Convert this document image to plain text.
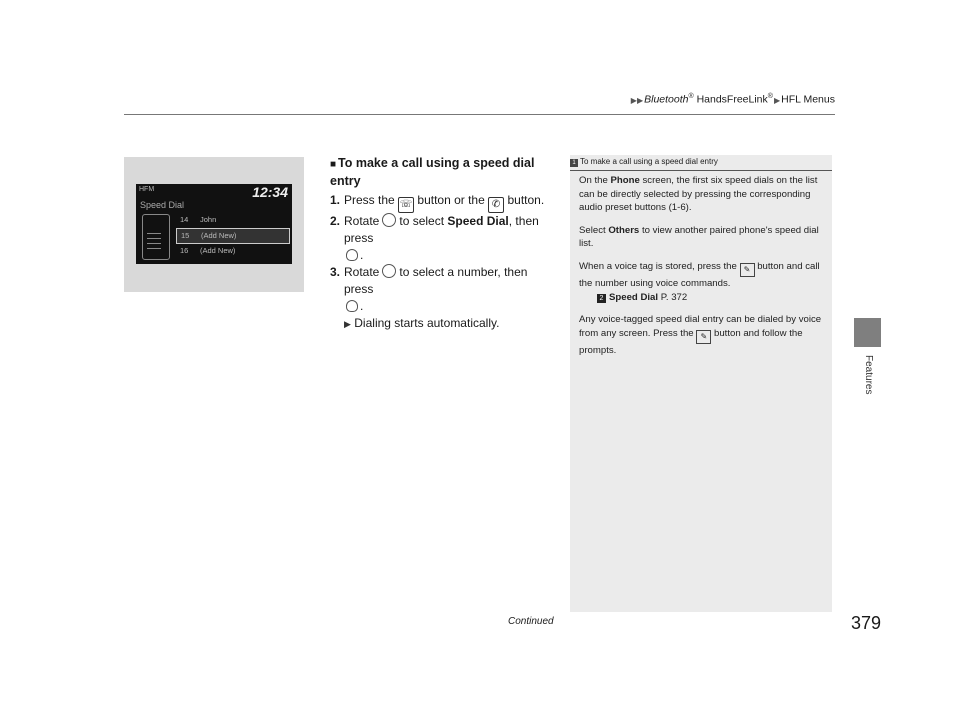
▶▶Bluetooth® HandsFreeLink®▶HFL Menus
Features
HFM	12:34
Speed Dial
14 John
15 (Add New)
16 (Add New)
■ To make a call using a speed dial entry
1. Press the ☏ button or the ✆ button.
2. Rotate to select Speed Dial, then press
.
3. Rotate to select a number, then press
.
▶ Dialing starts automatically.
1 To make a call using a speed dial entry

On the Phone screen, the first six speed dials on the list can be directly selected by pressing the corresponding audio preset buttons (1-6).

Select Others to view another paired phone's speed dial list.

When a voice tag is stored, press the ✎ button and call the number using voice commands.

2 Speed Dial P. 372

Any voice-tagged speed dial entry can be dialed by voice from any screen. Press the ✎ button and follow the prompts.

Continued	379
